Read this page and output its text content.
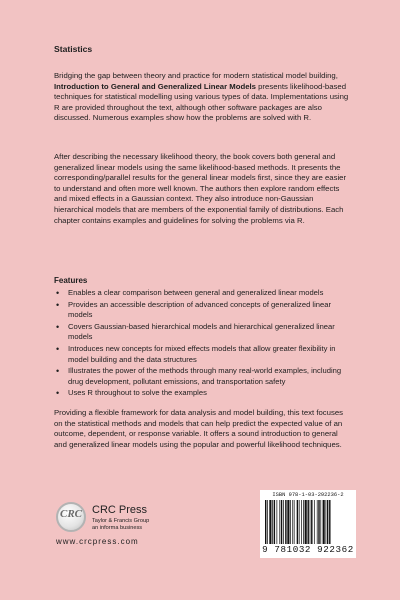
Statistics
Bridging the gap between theory and practice for modern statistical model building, Introduction to General and Generalized Linear Models presents likelihood-based techniques for statistical modelling using various types of data. Implementations using R are provided throughout the text, although other software packages are also discussed. Numerous examples show how the problems are solved with R.
After describing the necessary likelihood theory, the book covers both general and generalized linear models using the same likelihood-based methods. It presents the corresponding/parallel results for the general linear models first, since they are easier to understand and often more well known. The authors then explore random effects and mixed effects in a Gaussian context. They also introduce non-Gaussian hierarchical models that are members of the exponential family of distributions. Each chapter contains examples and guidelines for solving the problems via R.
Features
• Enables a clear comparison between general and generalized linear models
• Provides an accessible description of advanced concepts of generalized linear models
• Covers Gaussian-based hierarchical models and hierarchical generalized linear models
• Introduces new concepts for mixed effects models that allow greater flexibility in model building and the data structures
• Illustrates the power of the methods through many real-world examples, including drug development, pollutant emissions, and transportation safety
• Uses R throughout to solve the examples
Providing a flexible framework for data analysis and model building, this text focuses on the statistical methods and models that can help predict the expected value of an outcome, dependent, or response variable. It offers a sound introduction to general and generalized linear models using the popular and powerful likelihood techniques.
CRC CRC Press
Taylor & Francis Group
an informa business
www.crcpress.com
ISBN 978-1-03-292236-2
9 781032 922362
